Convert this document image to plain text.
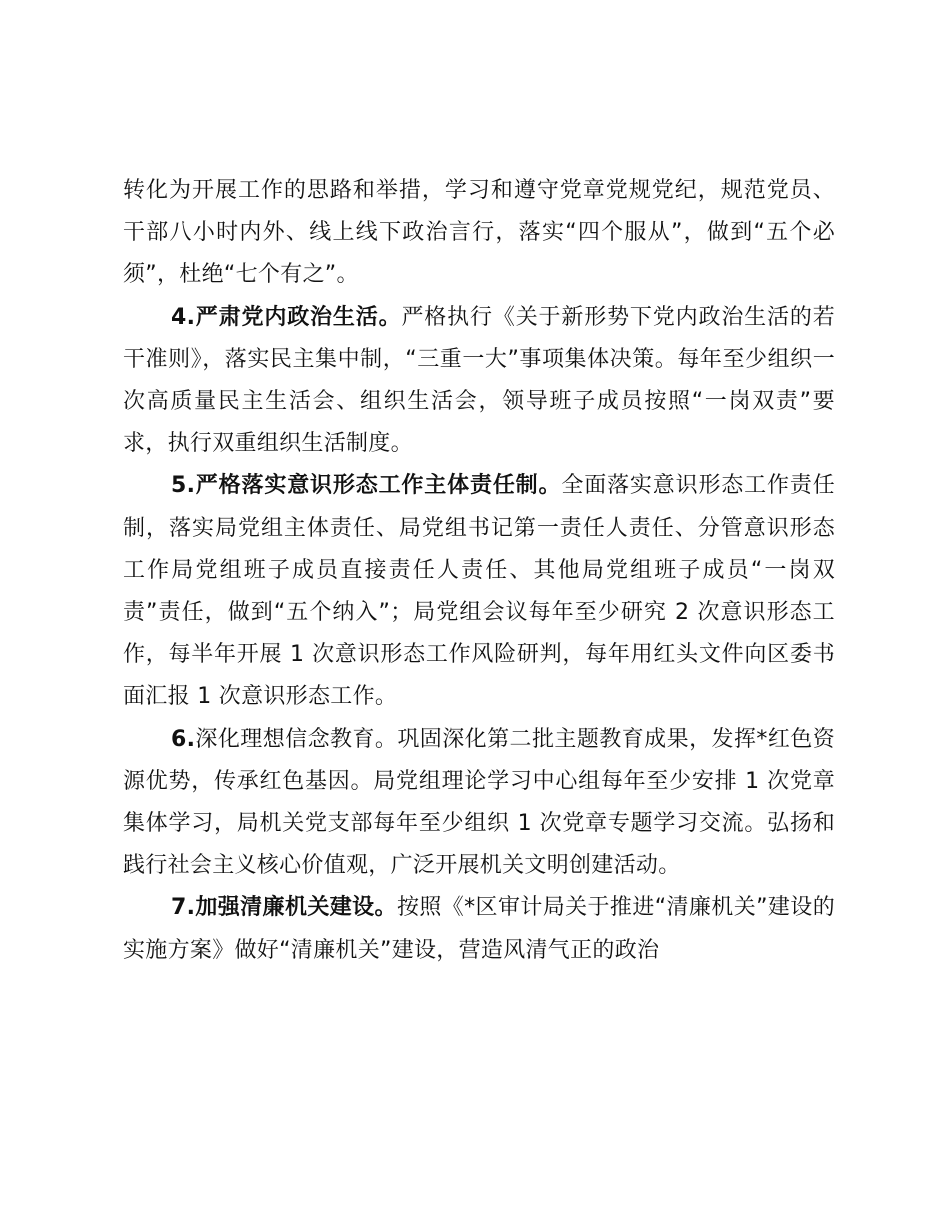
转化为开展工作的思路和举措，学习和遵守党章党规党纪，规范党员、干部八小时内外、线上线下政治言行，落实“四个服从”，做到“五个必须”，杜绝“七个有之”。

4.严肃党内政治生活。严格执行《关于新形势下党内政治生活的若干准则》，落实民主集中制，“三重一大”事项集体决策。每年至少组织一次高质量民主生活会、组织生活会，领导班子成员按照“一岗双责”要求，执行双重组织生活制度。

5.严格落实意识形态工作主体责任制。全面落实意识形态工作责任制，落实局党组主体责任、局党组书记第一责任人责任、分管意识形态工作局党组班子成员直接责任人责任、其他局党组班子成员“一岗双责”责任，做到“五个纳入”；局党组会议每年至少研究 2 次意识形态工作，每半年开展 1 次意识形态工作风险研判，每年用红头文件向区委书面汇报 1 次意识形态工作。

6.深化理想信念教育。巩固深化第二批主题教育成果，发挥*红色资源优势，传承红色基因。局党组理论学习中心组每年至少安排 1 次党章集体学习，局机关党支部每年至少组织 1 次党章专题学习交流。弘扬和践行社会主义核心价值观，广泛开展机关文明创建活动。

7.加强清廉机关建设。按照《*区审计局关于推进“清廉机关”建设的实施方案》做好“清廉机关”建设，营造风清气正的政治
